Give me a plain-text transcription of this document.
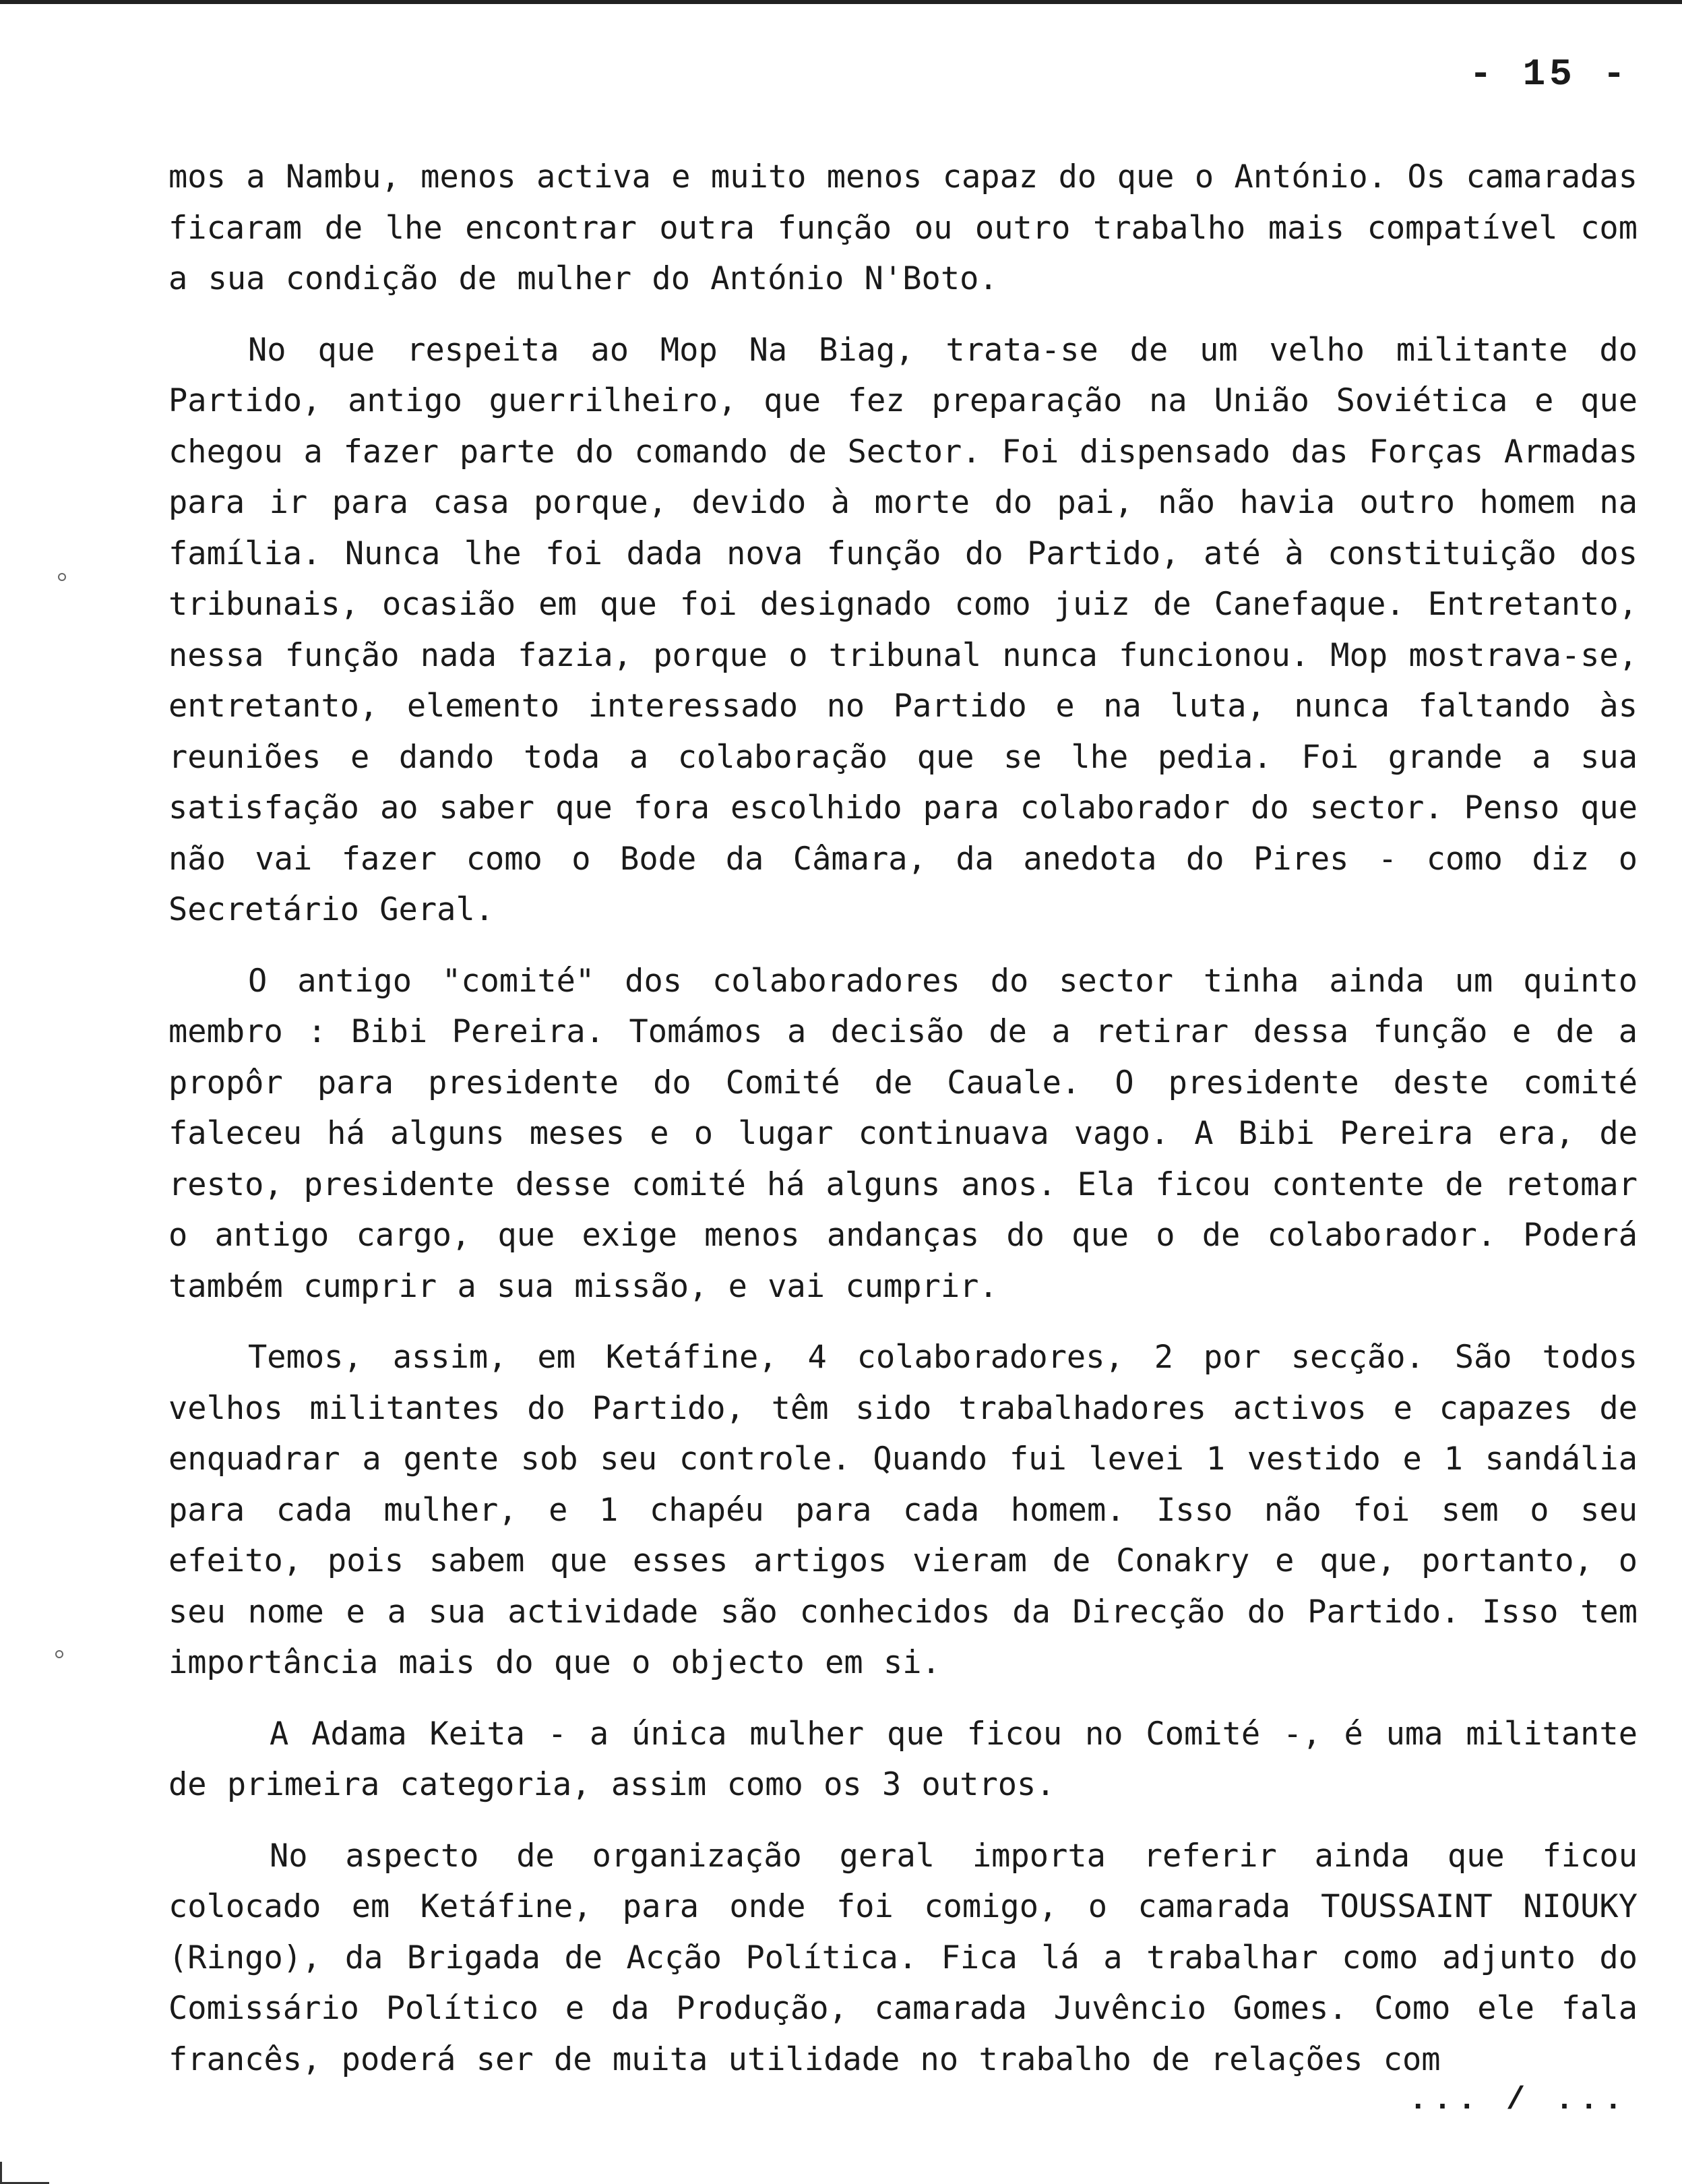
- 15 -

mos a Nambu, menos activa e muito menos capaz do que o António. Os camaradas ficaram de lhe encontrar outra função ou outro trabalho mais compatível com a sua condição de mulher do António N'Boto.

No que respeita ao Mop Na Biag, trata-se de um velho militante do Partido, antigo guerrilheiro, que fez preparação na União Soviética e que chegou a fazer parte do comando de Sector. Foi dispensado das Forças Armadas para ir para casa porque, devido à morte do pai, não havia outro homem na família. Nunca lhe foi dada nova função do Partido, até à constituição dos tribunais, ocasião em que foi designado como juiz de Canefaque. Entretanto, nessa função nada fazia, porque o tribunal nunca funcionou. Mop mostrava-se, entretanto, elemento interessado no Partido e na luta, nunca faltando às reuniões e dando toda a colaboração que se lhe pedia. Foi grande a sua satisfação ao saber que fora escolhido para colaborador do sector. Penso que não vai fazer como o Bode da Câmara, da anedota do Pires - como diz o Secretário Geral.

O antigo "comité" dos colaboradores do sector tinha ainda um quinto membro : Bibi Pereira. Tomámos a decisão de a retirar dessa função e de a propôr para presidente do Comité de Cauale. O presidente deste comité faleceu há alguns meses e o lugar continuava vago. A Bibi Pereira era, de resto, presidente desse comité há alguns anos. Ela ficou contente de retomar o antigo cargo, que exige menos andanças do que o de colaborador. Poderá também cumprir a sua missão, e vai cumprir.

Temos, assim, em Ketáfine, 4 colaboradores, 2 por secção. São todos velhos militantes do Partido, têm sido trabalhadores activos e capazes de enquadrar a gente sob seu controle. Quando fui levei 1 vestido e 1 sandália para cada mulher, e 1 chapéu para cada homem. Isso não foi sem o seu efeito, pois sabem que esses artigos vieram de Conakry e que, portanto, o seu nome e a sua actividade são conhecidos da Direcção do Partido. Isso tem importância mais do que o objecto em si.

A Adama Keita - a única mulher que ficou no Comité -, é uma militante de primeira categoria, assim como os 3 outros.

No aspecto de organização geral importa referir ainda que ficou colocado em Ketáfine, para onde foi comigo, o camarada TOUSSAINT NIOUKY (Ringo), da Brigada de Acção Política. Fica lá a trabalhar como adjunto do Comissário Político e da Produção, camarada Juvêncio Gomes. Como ele fala francês, poderá ser de muita utilidade no trabalho de relações com

... / ...
